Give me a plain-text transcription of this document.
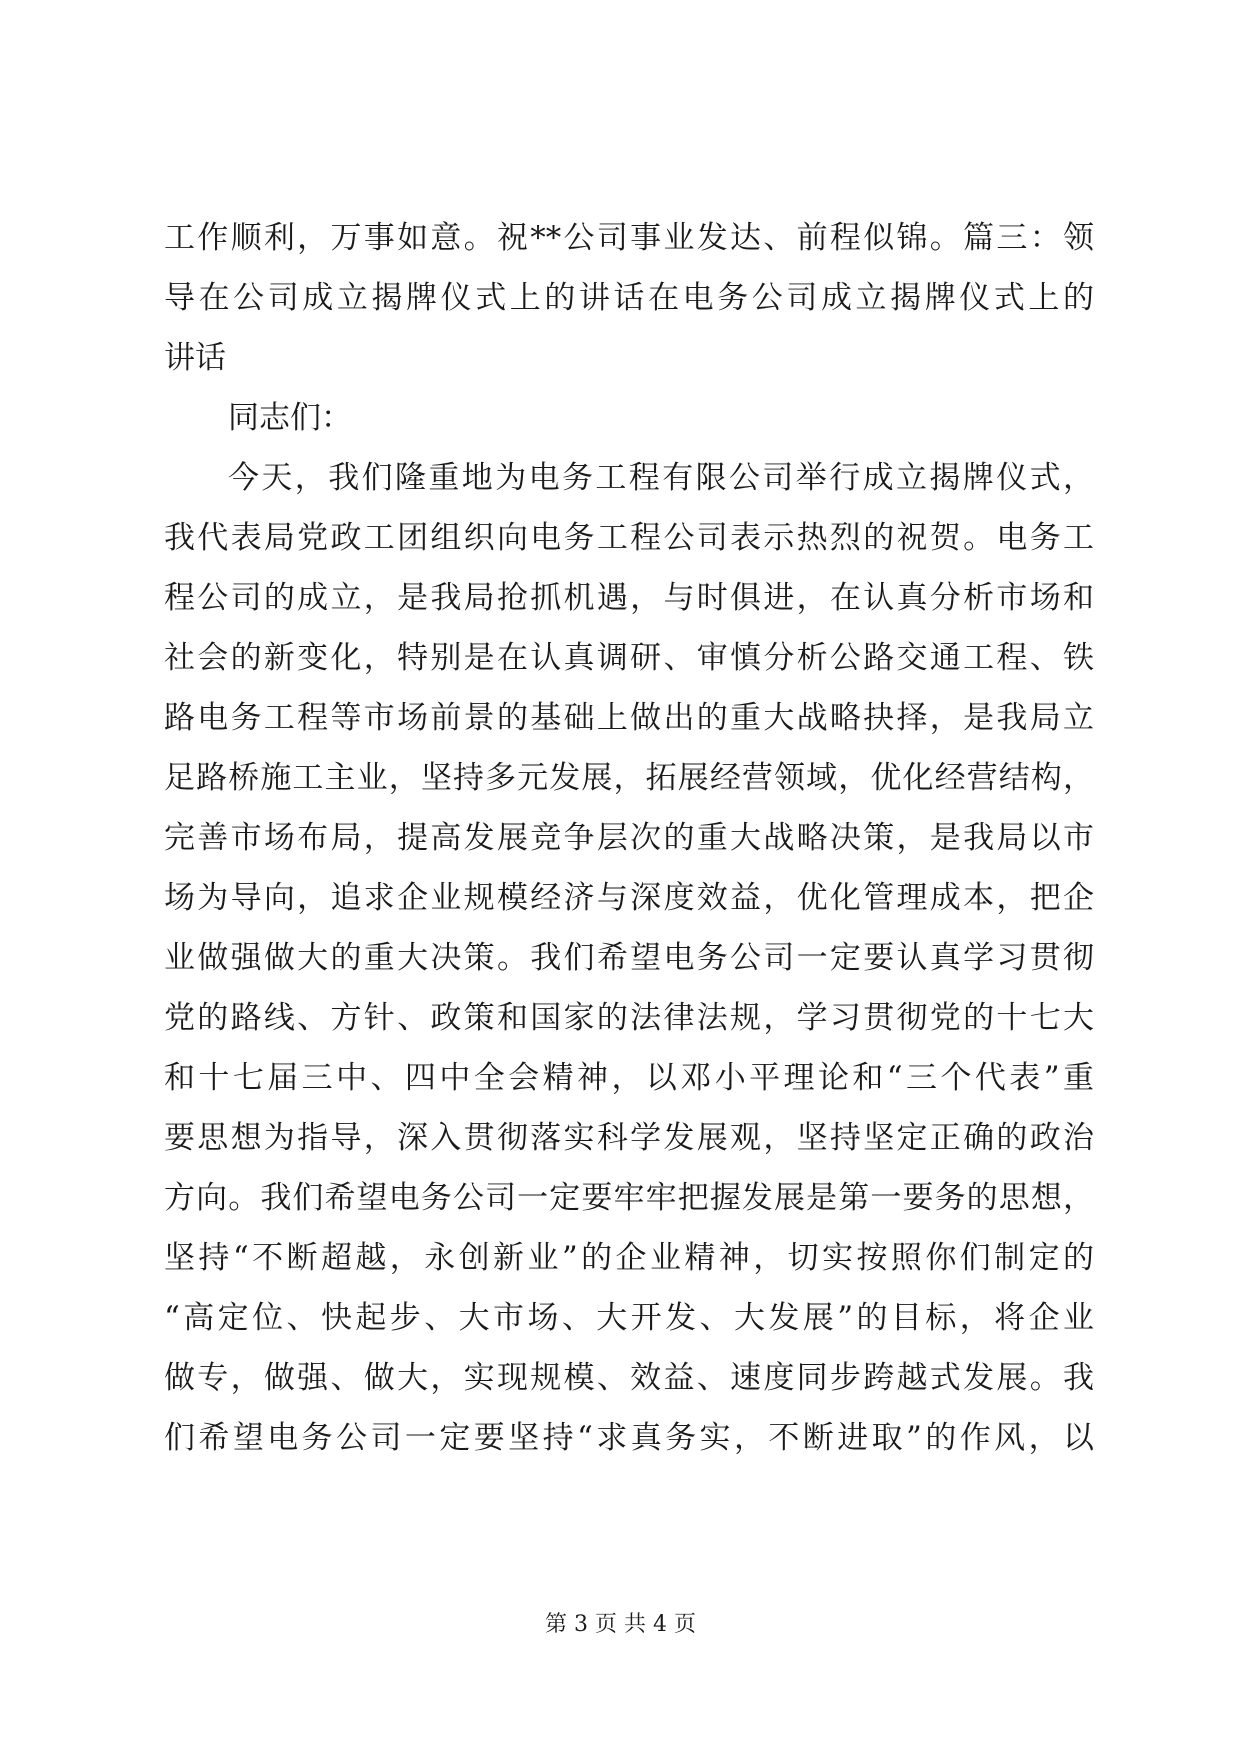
工作顺利，万事如意。祝**公司事业发达、前程似锦。篇三：领
导在公司成立揭牌仪式上的讲话在电务公司成立揭牌仪式上的
讲话
同志们：
今天，我们隆重地为电务工程有限公司举行成立揭牌仪式，
我代表局党政工团组织向电务工程公司表示热烈的祝贺。电务工
程公司的成立，是我局抢抓机遇，与时俱进，在认真分析市场和
社会的新变化，特别是在认真调研、审慎分析公路交通工程、铁
路电务工程等市场前景的基础上做出的重大战略抉择，是我局立
足路桥施工主业，坚持多元发展，拓展经营领域，优化经营结构，
完善市场布局，提高发展竞争层次的重大战略决策，是我局以市
场为导向，追求企业规模经济与深度效益，优化管理成本，把企
业做强做大的重大决策。我们希望电务公司一定要认真学习贯彻
党的路线、方针、政策和国家的法律法规，学习贯彻党的十七大
和十七届三中、四中全会精神，以邓小平理论和“三个代表”重
要思想为指导，深入贯彻落实科学发展观，坚持坚定正确的政治
方向。我们希望电务公司一定要牢牢把握发展是第一要务的思想，
坚持“不断超越，永创新业”的企业精神，切实按照你们制定的
“高定位、快起步、大市场、大开发、大发展”的目标，将企业
做专，做强、做大，实现规模、效益、速度同步跨越式发展。我
们希望电务公司一定要坚持“求真务实，不断进取”的作风，以
第 3 页 共 4 页
